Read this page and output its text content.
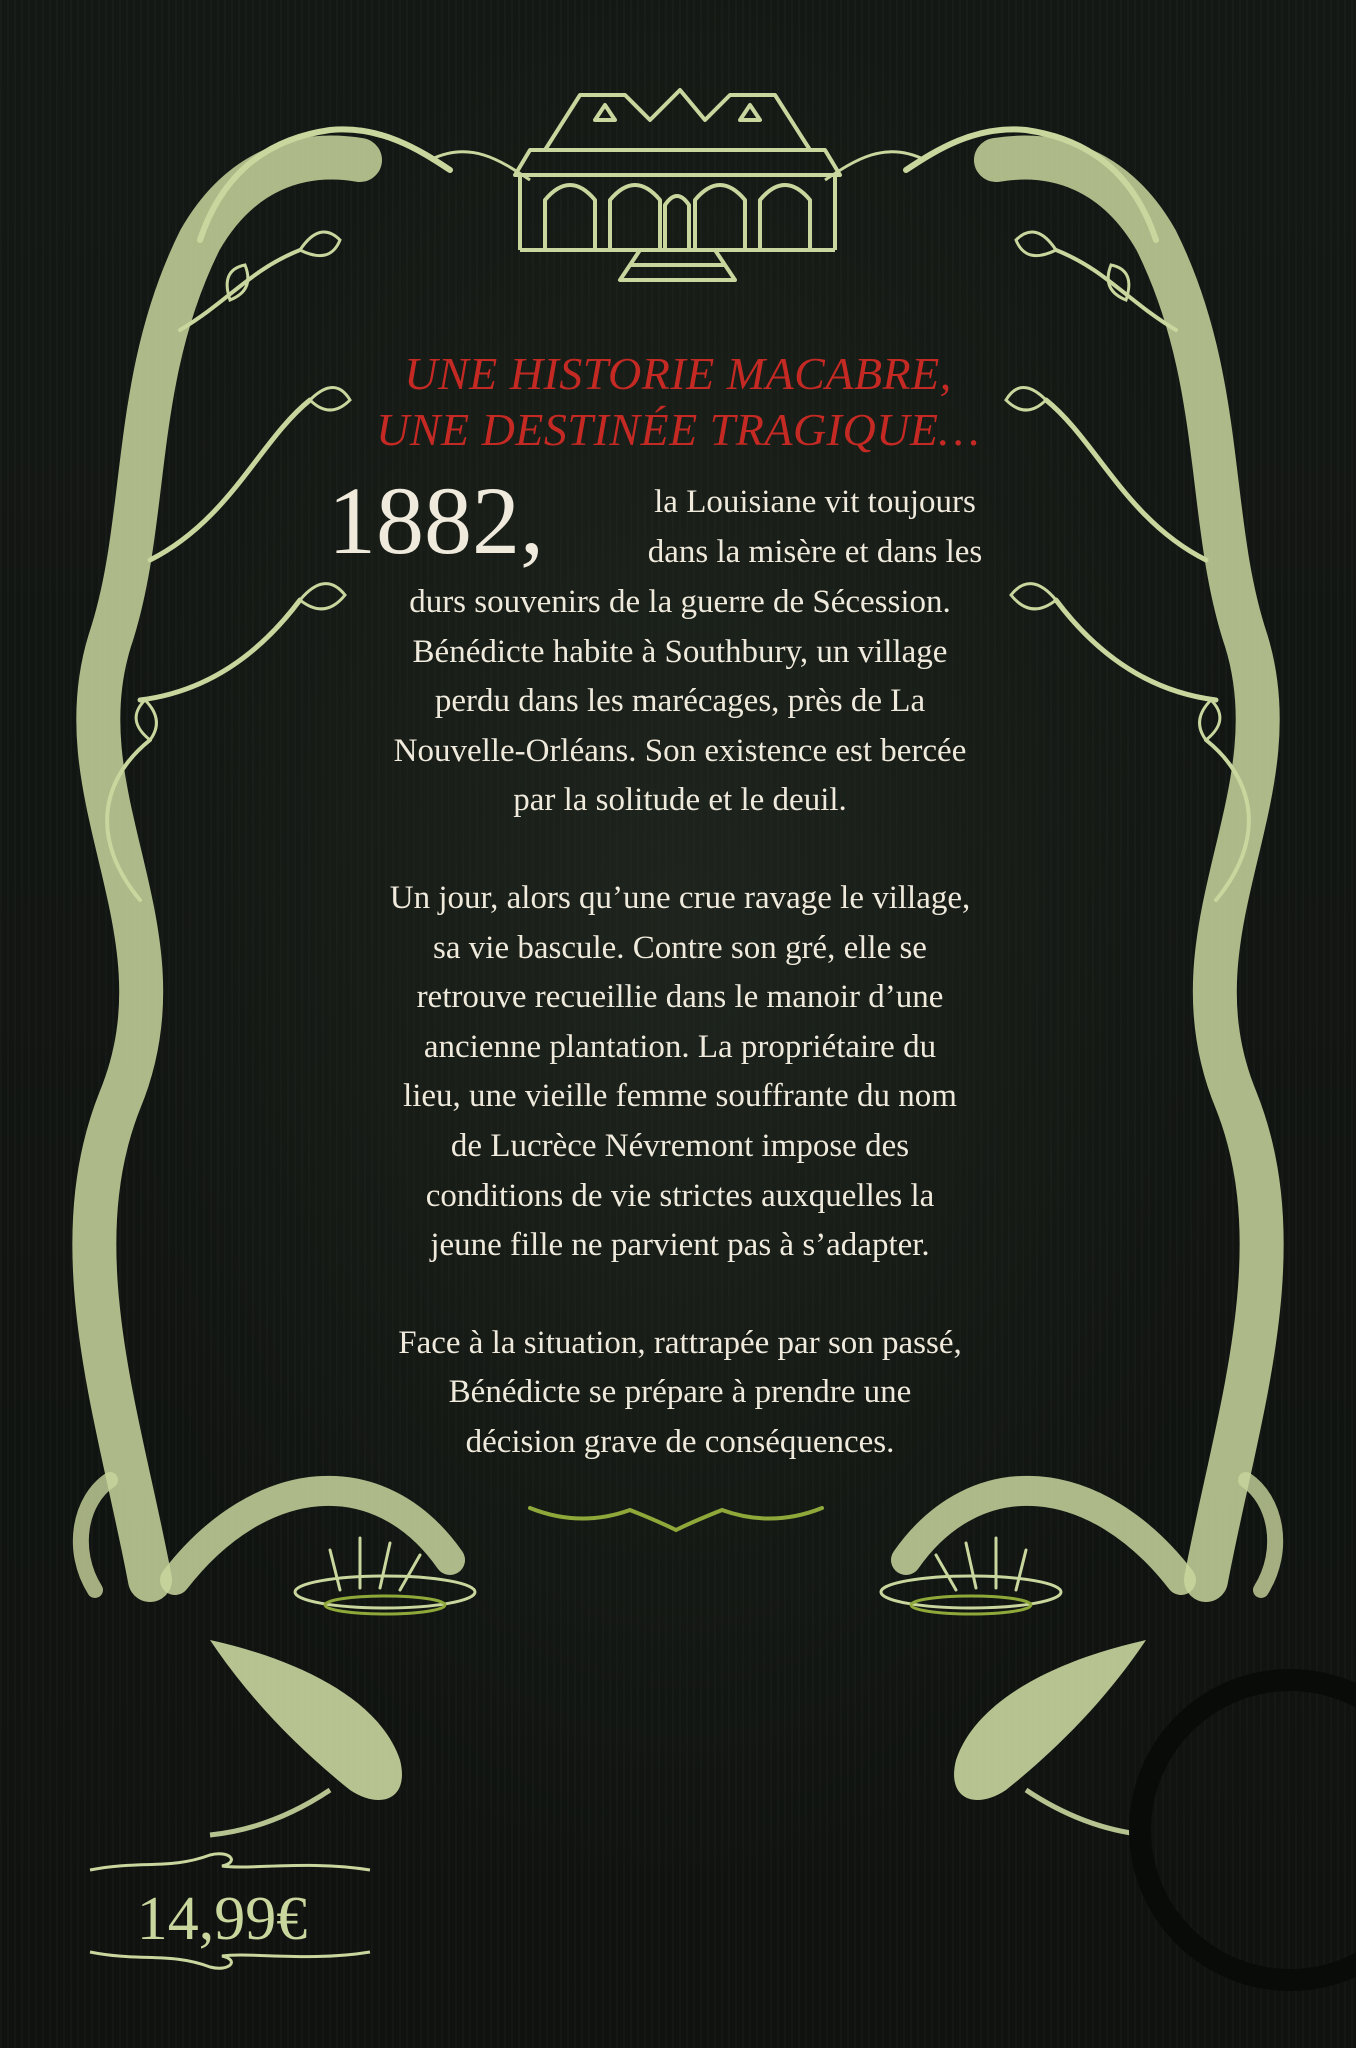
UNE HISTORIE MACABRE,
UNE DESTINÉE TRAGIQUE…
1882,	la Louisiane vit toujours
dans la misère et dans les
durs souvenirs de la guerre de Sécession.
Bénédicte habite à Southbury, un village
perdu dans les marécages, près de La
Nouvelle-Orléans. Son existence est bercée
par la solitude et le deuil.
Un jour, alors qu’une crue ravage le village,
sa vie bascule. Contre son gré, elle se
retrouve recueillie dans le manoir d’une
ancienne plantation. La propriétaire du
lieu, une vieille femme souffrante du nom
de Lucrèce Névremont impose des
conditions de vie strictes auxquelles la
jeune fille ne parvient pas à s’adapter.
Face à la situation, rattrapée par son passé,
Bénédicte se prépare à prendre une
décision grave de conséquences.
14,99€
